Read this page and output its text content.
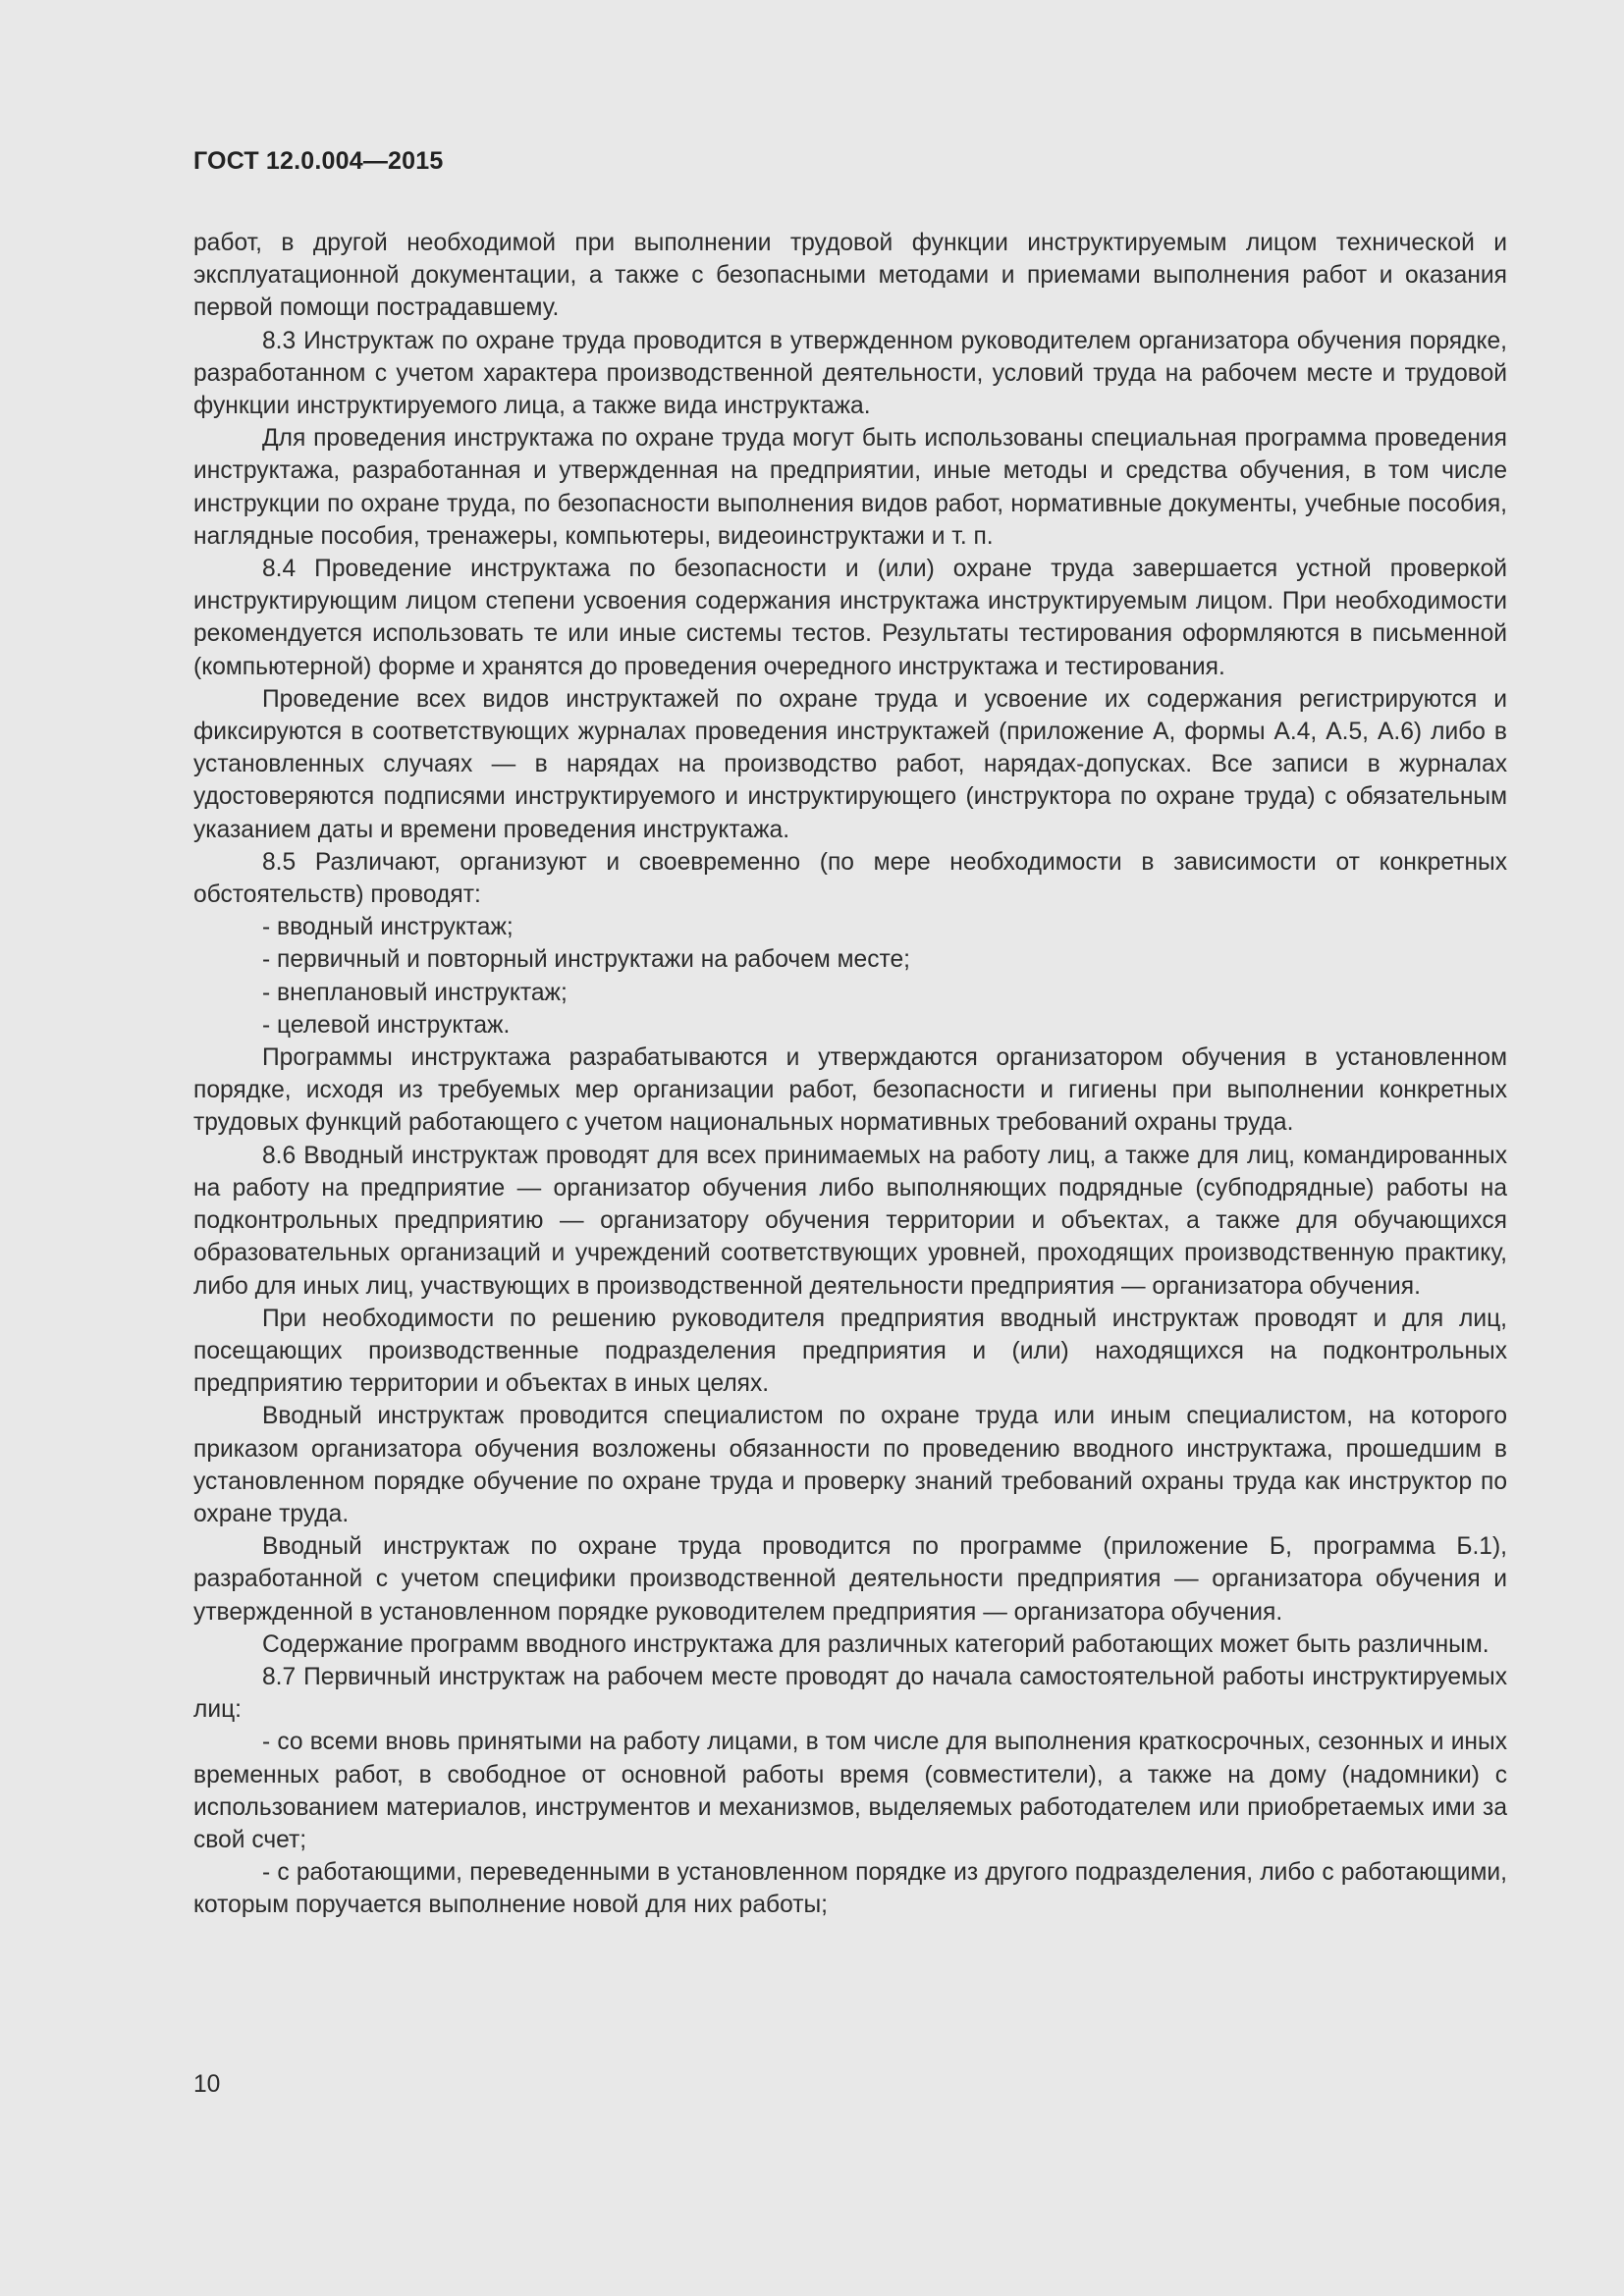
ГОСТ 12.0.004—2015

работ, в другой необходимой при выполнении трудовой функции инструктируемым лицом технической и эксплуатационной документации, а также с безопасными методами и приемами выполнения работ и оказания первой помощи пострадавшему.

8.3 Инструктаж по охране труда проводится в утвержденном руководителем организатора обучения порядке, разработанном с учетом характера производственной деятельности, условий труда на рабочем месте и трудовой функции инструктируемого лица, а также вида инструктажа.

Для проведения инструктажа по охране труда могут быть использованы специальная программа проведения инструктажа, разработанная и утвержденная на предприятии, иные методы и средства обучения, в том числе инструкции по охране труда, по безопасности выполнения видов работ, нормативные документы, учебные пособия, наглядные пособия, тренажеры, компьютеры, видеоинструктажи и т. п.

8.4 Проведение инструктажа по безопасности и (или) охране труда завершается устной проверкой инструктирующим лицом степени усвоения содержания инструктажа инструктируемым лицом. При необходимости рекомендуется использовать те или иные системы тестов. Результаты тестирования оформляются в письменной (компьютерной) форме и хранятся до проведения очередного инструктажа и тестирования.

Проведение всех видов инструктажей по охране труда и усвоение их содержания регистрируются и фиксируются в соответствующих журналах проведения инструктажей (приложение А, формы А.4, А.5, А.6) либо в установленных случаях — в нарядах на производство работ, нарядах-допусках. Все записи в журналах удостоверяются подписями инструктируемого и инструктирующего (инструктора по охране труда) с обязательным указанием даты и времени проведения инструктажа.

8.5 Различают, организуют и своевременно (по мере необходимости в зависимости от конкретных обстоятельств) проводят:

- вводный инструктаж;

- первичный и повторный инструктажи на рабочем месте;

- внеплановый инструктаж;

- целевой инструктаж.

Программы инструктажа разрабатываются и утверждаются организатором обучения в установленном порядке, исходя из требуемых мер организации работ, безопасности и гигиены при выполнении конкретных трудовых функций работающего с учетом национальных нормативных требований охраны труда.

8.6 Вводный инструктаж проводят для всех принимаемых на работу лиц, а также для лиц, командированных на работу на предприятие — организатор обучения либо выполняющих подрядные (субподрядные) работы на подконтрольных предприятию — организатору обучения территории и объектах, а также для обучающихся образовательных организаций и учреждений соответствующих уровней, проходящих производственную практику, либо для иных лиц, участвующих в производственной деятельности предприятия — организатора обучения.

При необходимости по решению руководителя предприятия вводный инструктаж проводят и для лиц, посещающих производственные подразделения предприятия и (или) находящихся на подконтрольных предприятию территории и объектах в иных целях.

Вводный инструктаж проводится специалистом по охране труда или иным специалистом, на которого приказом организатора обучения возложены обязанности по проведению вводного инструктажа, прошедшим в установленном порядке обучение по охране труда и проверку знаний требований охраны труда как инструктор по охране труда.

Вводный инструктаж по охране труда проводится по программе (приложение Б, программа Б.1), разработанной с учетом специфики производственной деятельности предприятия — организатора обучения и утвержденной в установленном порядке руководителем предприятия — организатора обучения.

Содержание программ вводного инструктажа для различных категорий работающих может быть различным.

8.7 Первичный инструктаж на рабочем месте проводят до начала самостоятельной работы инструктируемых лиц:

- со всеми вновь принятыми на работу лицами, в том числе для выполнения краткосрочных, сезонных и иных временных работ, в свободное от основной работы время (совместители), а также на дому (надомники) с использованием материалов, инструментов и механизмов, выделяемых работодателем или приобретаемых ими за свой счет;

- с работающими, переведенными в установленном порядке из другого подразделения, либо с работающими, которым поручается выполнение новой для них работы;

10
